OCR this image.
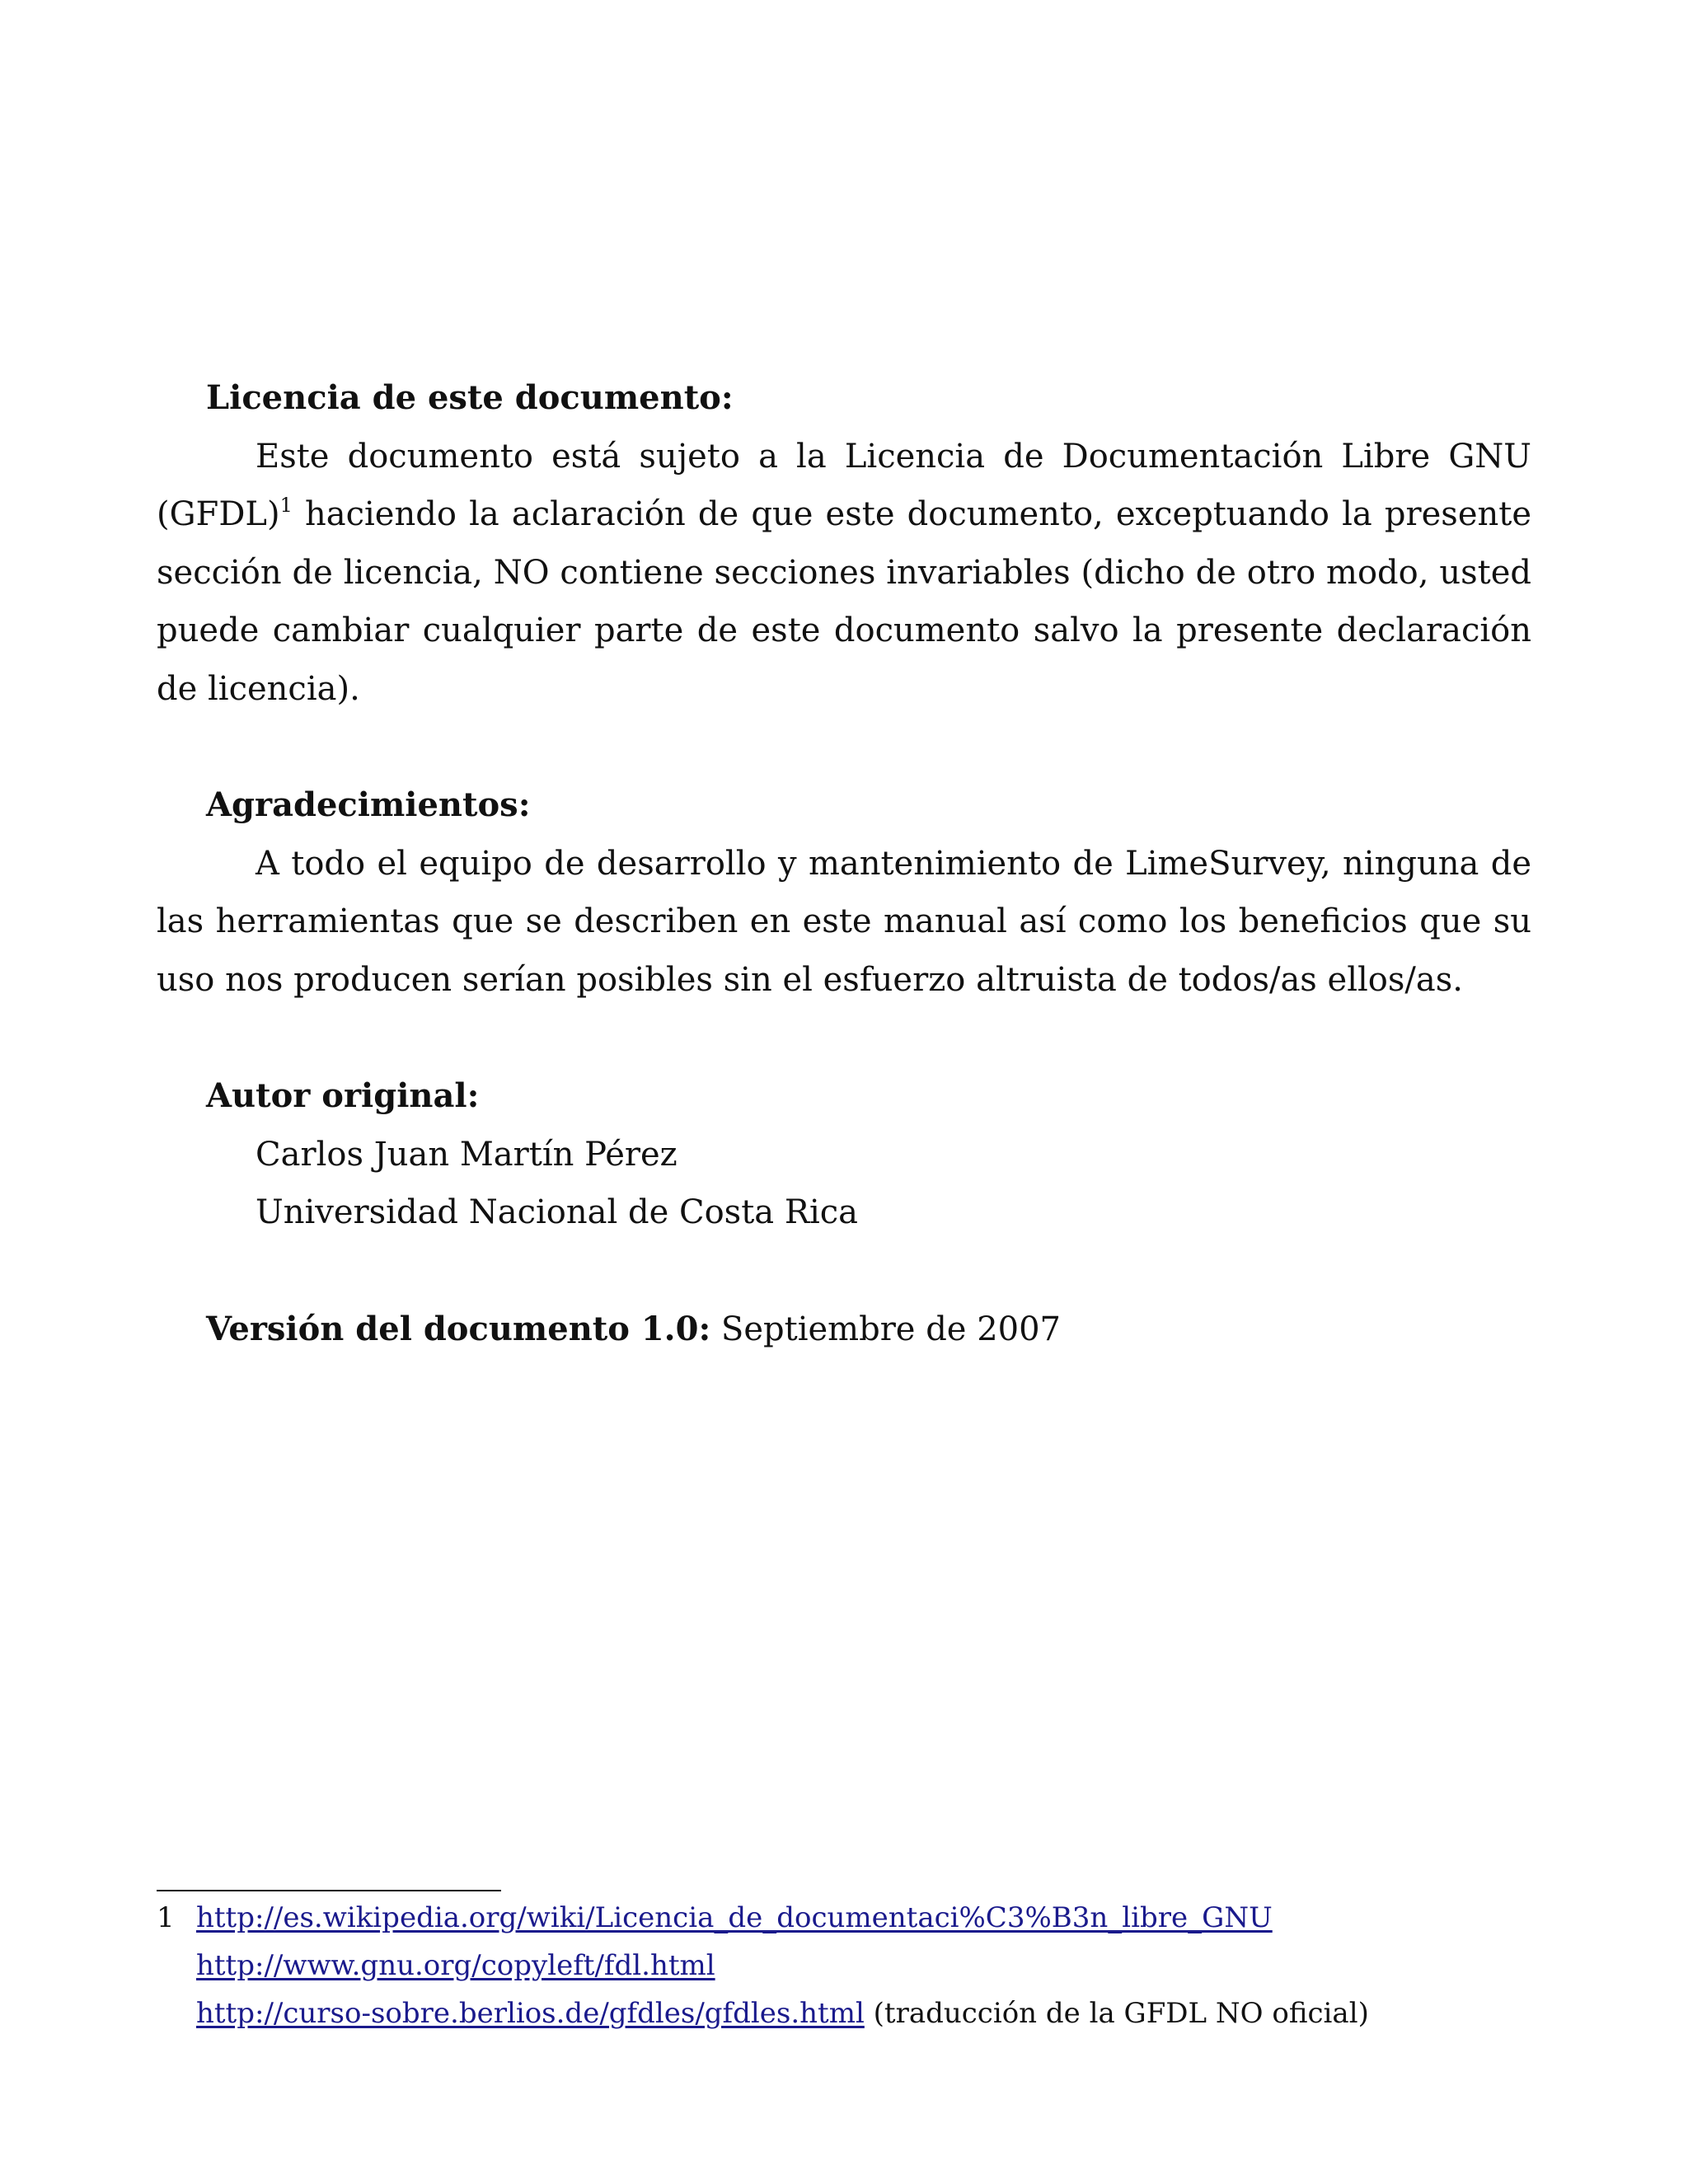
Licencia de este documento:

Este documento está sujeto a la Licencia de Documentación Libre GNU (GFDL)$^1$ haciendo la aclaración de que este documento, exceptuando la presente sección de licencia, NO contiene secciones invariables (dicho de otro modo, usted puede cambiar cualquier parte de este documento salvo la presente declaración de licencia).

Agradecimientos:

A todo el equipo de desarrollo y mantenimiento de LimeSurvey, ninguna de las herramientas que se describen en este manual así como los beneficios que su uso nos producen serían posibles sin el esfuerzo altruista de todos/as ellos/as.

Autor original:

Carlos Juan Martín Pérez

Universidad Nacional de Costa Rica

Versión del documento 1.0: Septiembre de 2007

1 http://es.wikipedia.org/wiki/Licencia_de_documentaci%C3%B3n_libre_GNU
http://www.gnu.org/copyleft/fdl.html
http://curso-sobre.berlios.de/gfdles/gfdles.html (traducción de la GFDL NO oficial)
